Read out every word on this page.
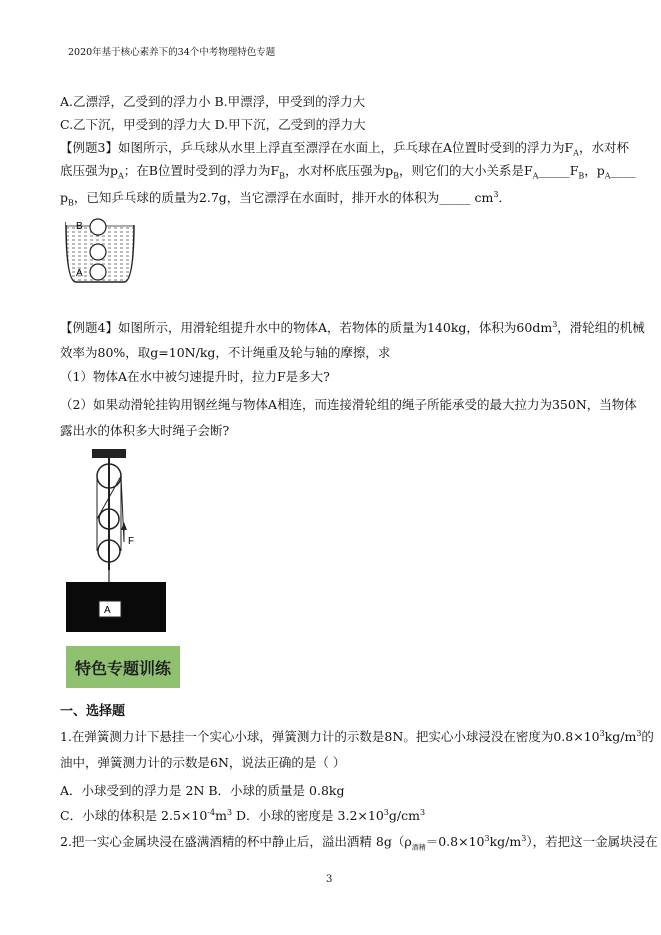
2020年基于核心素养下的34个中考物理特色专题
A.乙漂浮，乙受到的浮力小 B.甲漂浮，甲受到的浮力大
C.乙下沉，甲受到的浮力大 D.甲下沉，乙受到的浮力大
【例题3】如图所示，乒乓球从水里上浮直至漂浮在水面上，乒乓球在A位置时受到的浮力为$F_A$，水对杯
底压强为$p_A$；在B位置时受到的浮力为$F_B$，水对杯底压强为$p_B$，则它们的大小关系是$F_A\_\_\_\_\_F_B$，$p_A\_\_\_\_$
$p_B$，已知乒乓球的质量为2.7g，当它漂浮在水面时，排开水的体积为_____ $cm^3$．
B
A
【例题4】如图所示，用滑轮组提升水中的物体A，若物体的质量为140kg，体积为$60dm^3$，滑轮组的机械
效率为80%，取g=10N/kg，不计绳重及轮与轴的摩擦，求
（1）物体A在水中被匀速提升时，拉力F是多大?
（2）如果动滑轮挂钩用钢丝绳与物体A相连，而连接滑轮组的绳子所能承受的最大拉力为350N，当物体
露出水的体积多大时绳子会断?
F
A
特色专题训练
一、选择题
1.在弹簧测力计下悬挂一个实心小球，弹簧测力计的示数是8N。把实心小球浸没在密度为$0.8\times 10^3kg/m^3$的
油中，弹簧测力计的示数是6N，说法正确的是（ ）
A．小球受到的浮力是 2N B．小球的质量是 0.8kg
C．小球的体积是 $2.5\times 10^{-4}m^3$ D．小球的密度是 $3.2\times 10^3g/cm^3$
2.把一实心金属块浸在盛满酒精的杯中静止后，溢出酒精 $8g(\rho_{酒精}=0.8\times 10^3kg/m^3)$，若把这一金属块浸在
3
